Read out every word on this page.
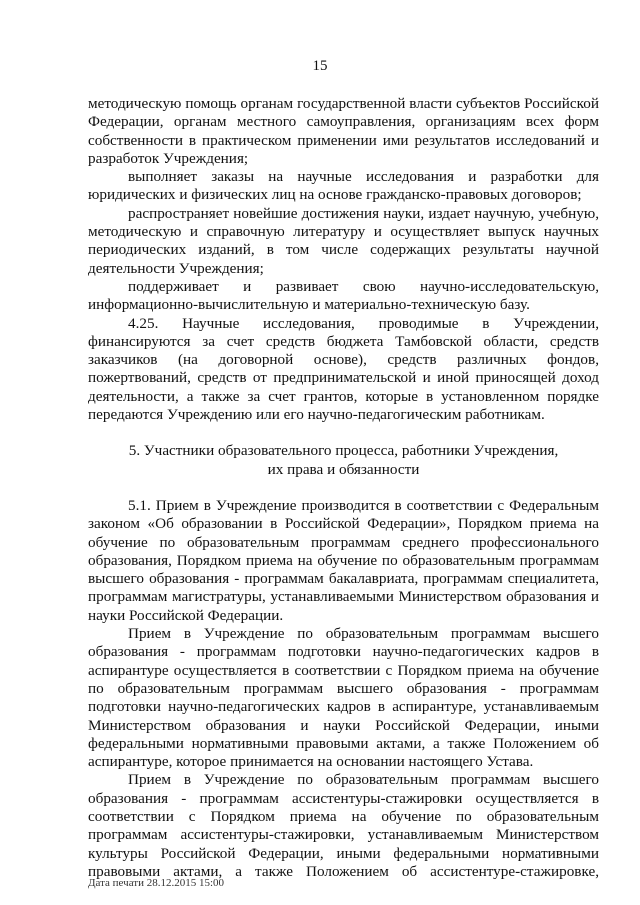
15

методическую помощь органам государственной власти субъектов Российской Федерации, органам местного самоуправления, организациям всех форм собственности в практическом применении ими результатов исследований и разработок Учреждения;

выполняет заказы на научные исследования и разработки для юридических и физических лиц на основе гражданско-правовых договоров;

распространяет новейшие достижения науки, издает научную, учебную, методическую и справочную литературу и осуществляет выпуск научных периодических изданий, в том числе содержащих результаты научной деятельности Учреждения;

поддерживает и развивает свою научно-исследовательскую, информационно-вычислительную и материально-техническую базу.

4.25. Научные исследования, проводимые в Учреждении, финансируются за счет средств бюджета Тамбовской области, средств заказчиков (на договорной основе), средств различных фондов, пожертвований, средств от предпринимательской и иной приносящей доход деятельности, а также за счет грантов, которые в установленном порядке передаются Учреждению или его научно-педагогическим работникам.

5. Участники образовательного процесса, работники Учреждения,
их права и обязанности

5.1. Прием в Учреждение производится в соответствии с Федеральным законом «Об образовании в Российской Федерации», Порядком приема на обучение по образовательным программам среднего профессионального образования, Порядком приема на обучение по образовательным программам высшего образования - программам бакалавриата, программам специалитета, программам магистратуры, устанавливаемыми Министерством образования и науки Российской Федерации.

Прием в Учреждение по образовательным программам высшего образования - программам подготовки научно-педагогических кадров в аспирантуре осуществляется в соответствии с Порядком приема на обучение по образовательным программам высшего образования - программам подготовки научно-педагогических кадров в аспирантуре, устанавливаемым Министерством образования и науки Российской Федерации, иными федеральными нормативными правовыми актами, а также Положением об аспирантуре, которое принимается на основании настоящего Устава.

Прием в Учреждение по образовательным программам высшего образования - программам ассистентуры-стажировки осуществляется в соответствии с Порядком приема на обучение по образовательным программам ассистентуры-стажировки, устанавливаемым Министерством культуры Российской Федерации, иными федеральными нормативными правовыми актами, а также Положением об ассистентуре-стажировке,

Дата печати 28.12.2015 15:00
